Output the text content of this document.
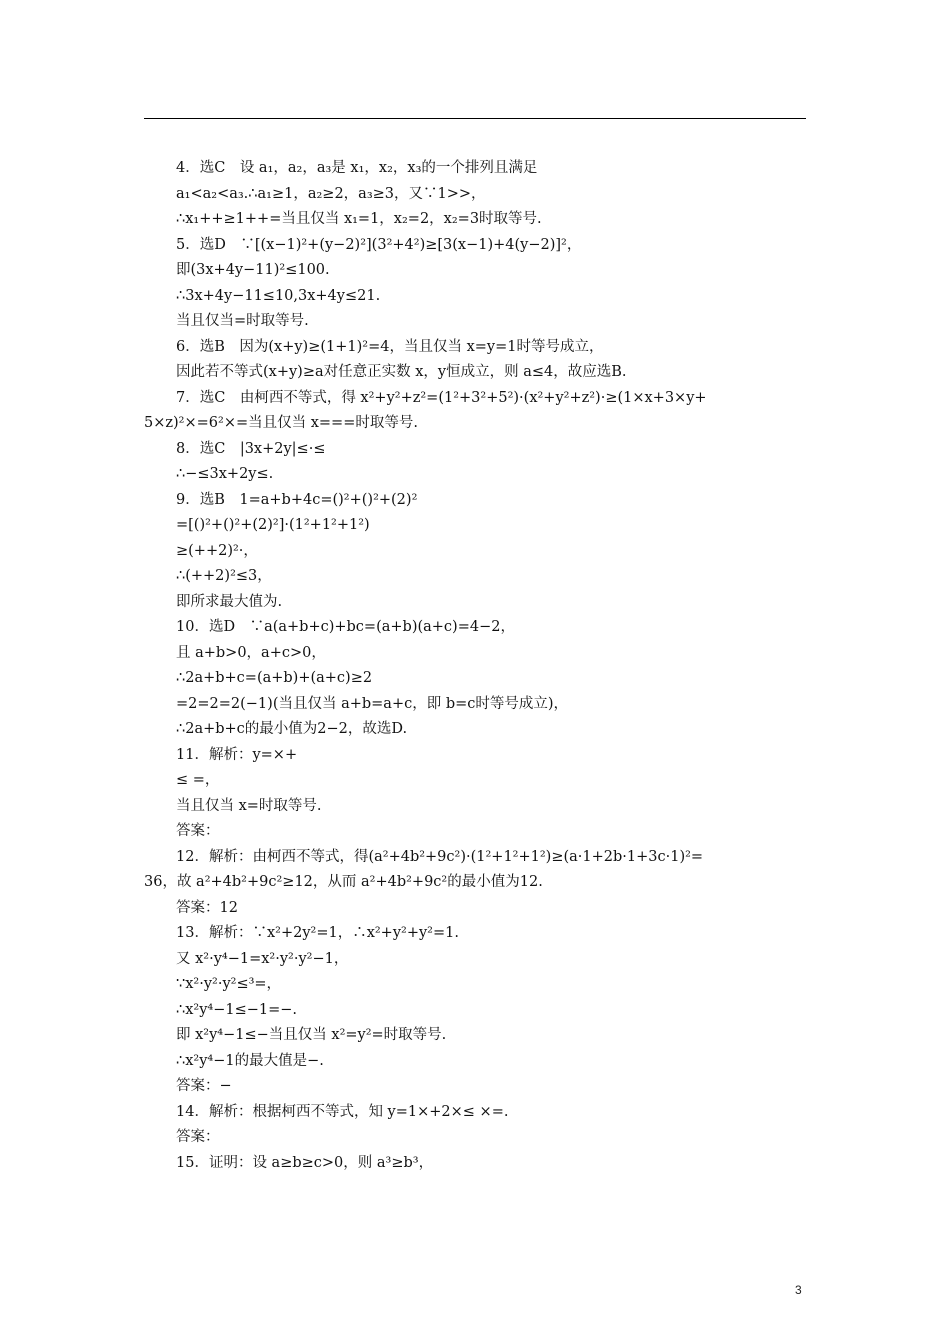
4．选C　设 a₁，a₂，a₃是 x₁，x₂，x₃的一个排列且满足
a₁<a₂<a₃.∴a₁≥1，a₂≥2，a₃≥3，又∵1>>，
∴x₁++≥1++=当且仅当 x₁=1，x₂=2，x₂=3时取等号.
5．选D　∵[(x−1)²+(y−2)²](3²+4²)≥[3(x−1)+4(y−2)]²，
即(3x+4y−11)²≤100.
∴3x+4y−11≤10,3x+4y≤21.
当且仅当=时取等号.
6．选B　因为(x+y)≥(1+1)²=4，当且仅当 x=y=1时等号成立，
因此若不等式(x+y)≥a对任意正实数 x，y恒成立，则 a≤4，故应选B.
7．选C　由柯西不等式，得 x²+y²+z²=(1²+3²+5²)·(x²+y²+z²)·≥(1×x+3×y+
5×z)²×=6²×=当且仅当 x===时取等号.
8．选C　|3x+2y|≤·≤
∴−≤3x+2y≤.
9．选B　1=a+b+4c=()²+()²+(2)²
=[()²+()²+(2)²]·(1²+1²+1²)
≥(++2)²·，
∴(++2)²≤3，
即所求最大值为.
10．选D　∵a(a+b+c)+bc=(a+b)(a+c)=4−2，
且 a+b>0，a+c>0，
∴2a+b+c=(a+b)+(a+c)≥2
=2=2=2(−1)(当且仅当 a+b=a+c，即 b=c时等号成立)，
∴2a+b+c的最小值为2−2，故选D.
11．解析：y=×+
≤ =，
当且仅当 x=时取等号.
答案：
12．解析：由柯西不等式，得(a²+4b²+9c²)·(1²+1²+1²)≥(a·1+2b·1+3c·1)²=
36，故 a²+4b²+9c²≥12，从而 a²+4b²+9c²的最小值为12.
答案：12
13．解析：∵x²+2y²=1，∴x²+y²+y²=1.
又 x²·y⁴−1=x²·y²·y²−1，
∵x²·y²·y²≤³=，
∴x²y⁴−1≤−1=−.
即 x²y⁴−1≤−当且仅当 x²=y²=时取等号.
∴x²y⁴−1的最大值是−.
答案：−
14．解析：根据柯西不等式，知 y=1×+2×≤ ×=.
答案：
15．证明：设 a≥b≥c>0，则 a³≥b³，
3
